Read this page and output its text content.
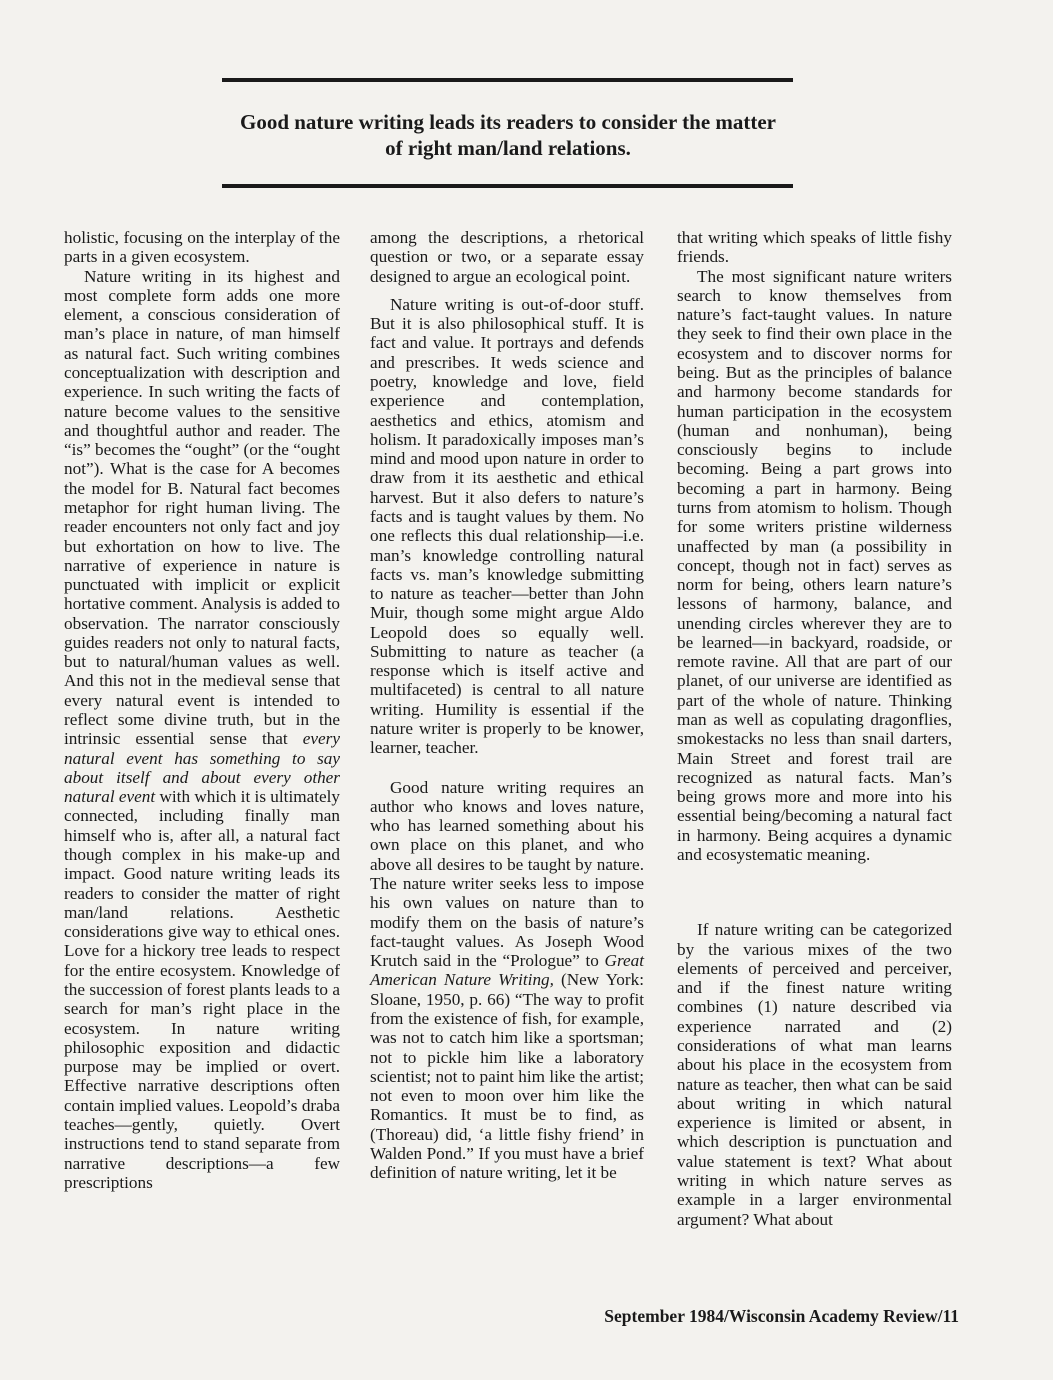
Good nature writing leads its readers to consider the matter

of right man/land relations.

holistic, focusing on the interplay of the parts in a given ecosystem.

Nature writing in its highest and most complete form adds one more element, a conscious consideration of man’s place in nature, of man himself as natural fact. Such writing combines conceptualization with description and experience. In such writing the facts of nature become values to the sensitive and thoughtful author and reader. The “is” becomes the “ought” (or the “ought not”). What is the case for A becomes the model for B. Natural fact becomes metaphor for right human living. The reader encounters not only fact and joy but exhortation on how to live. The narrative of experience in nature is punctuated with implicit or explicit hortative comment. Analysis is added to observation. The narrator consciously guides readers not only to natural facts, but to natural/human values as well. And this not in the medieval sense that every natural event is intended to reflect some divine truth, but in the intrinsic essential sense that every natural event has something to say about itself and about every other natural event with which it is ultimately connected, including finally man himself who is, after all, a natural fact though complex in his make-up and impact. Good nature writing leads its readers to consider the matter of right man/land relations. Aesthetic considerations give way to ethical ones. Love for a hickory tree leads to respect for the entire ecosystem. Knowledge of the succession of forest plants leads to a search for man’s right place in the ecosystem. In nature writing philosophic exposition and didactic purpose may be implied or overt. Effective narrative descriptions often contain implied values. Leopold’s draba teaches—gently, quietly. Overt instructions tend to stand separate from narrative descriptions—a few prescriptions

among the descriptions, a rhetorical question or two, or a separate essay designed to argue an ecological point.

Nature writing is out-of-door stuff. But it is also philosophical stuff. It is fact and value. It portrays and defends and prescribes. It weds science and poetry, knowledge and love, field experience and contemplation, aesthetics and ethics, atomism and holism. It paradoxically imposes man’s mind and mood upon nature in order to draw from it its aesthetic and ethical harvest. But it also defers to nature’s facts and is taught values by them. No one reflects this dual relationship—i.e. man’s knowledge controlling natural facts vs. man’s knowledge submitting to nature as teacher—better than John Muir, though some might argue Aldo Leopold does so equally well. Submitting to nature as teacher (a response which is itself active and multifaceted) is central to all nature writing. Humility is essential if the nature writer is properly to be knower, learner, teacher.

Good nature writing requires an author who knows and loves nature, who has learned something about his own place on this planet, and who above all desires to be taught by nature. The nature writer seeks less to impose his own values on nature than to modify them on the basis of nature’s fact-taught values. As Joseph Wood Krutch said in the “Prologue” to Great American Nature Writing, (New York: Sloane, 1950, p. 66) “The way to profit from the existence of fish, for example, was not to catch him like a sportsman; not to pickle him like a laboratory scientist; not to paint him like the artist; not even to moon over him like the Romantics. It must be to find, as (Thoreau) did, ‘a little fishy friend’ in Walden Pond.” If you must have a brief definition of nature writing, let it be

that writing which speaks of little fishy friends.

The most significant nature writers search to know themselves from nature’s fact-taught values. In nature they seek to find their own place in the ecosystem and to discover norms for being. But as the principles of balance and harmony become standards for human participation in the ecosystem (human and nonhuman), being consciously begins to include becoming. Being a part grows into becoming a part in harmony. Being turns from atomism to holism. Though for some writers pristine wilderness unaffected by man (a possibility in concept, though not in fact) serves as norm for being, others learn nature’s lessons of harmony, balance, and unending circles wherever they are to be learned—in backyard, roadside, or remote ravine. All that are part of our planet, of our universe are identified as part of the whole of nature. Thinking man as well as copulating dragonflies, smokestacks no less than snail darters, Main Street and forest trail are recognized as natural facts. Man’s being grows more and more into his essential being/becoming a natural fact in harmony. Being acquires a dynamic and ecosystematic meaning.

If nature writing can be categorized by the various mixes of the two elements of perceived and perceiver, and if the finest nature writing combines (1) nature described via experience narrated and (2) considerations of what man learns about his place in the ecosystem from nature as teacher, then what can be said about writing in which natural experience is limited or absent, in which description is punctuation and value statement is text? What about writing in which nature serves as example in a larger environmental argument? What about

September 1984/Wisconsin Academy Review/11
